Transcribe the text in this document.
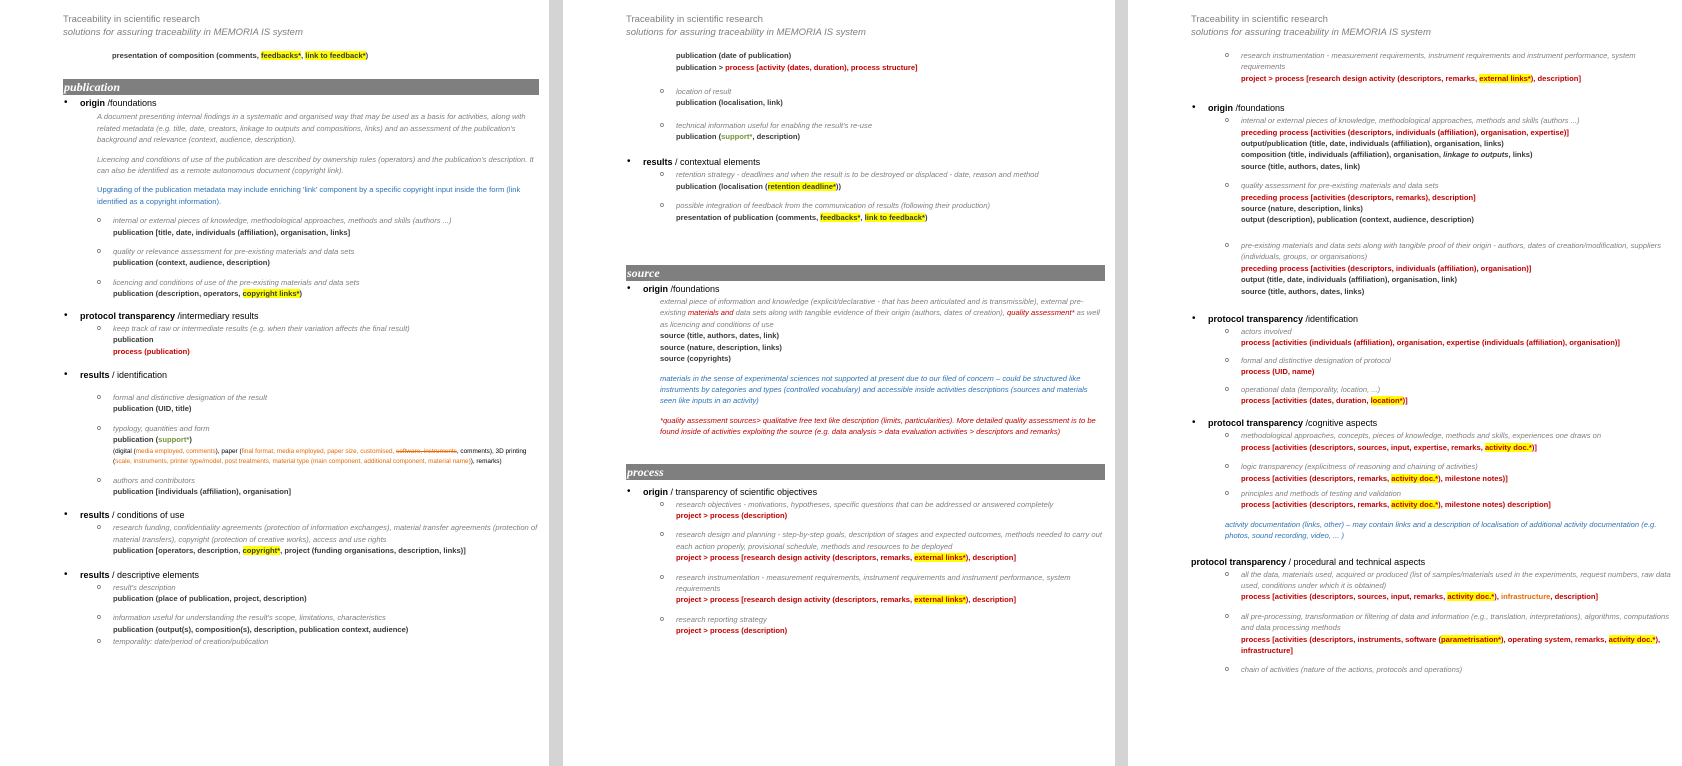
Traceability in scientific research
solutions for assuring traceability in MEMORIA IS system
presentation of composition (comments, feedbacks*, link to feedback*)
publication
• origin /foundations
A document presenting internal findings in a systematic and organised way that may be used as a basis for activities, along with related metadata (e.g. title, date, creators, linkage to outputs and compositions, links) and an assessment of the publication's background and relevance (context, audience, description).
Licencing and conditions of use of the publication are described by ownership rules (operators) and the publication's description. It can also be identified as a remote autonomous document (copyright link).
Upgrading of the publication metadata may include enriching 'link' component by a specific copyright input inside the form (link identified as a copyright information).
o internal or external pieces of knowledge, methodological approaches, methods and skills (authors ...)
publication [title, date, individuals (affiliation), organisation, links]
o quality or relevance assessment for pre-existing materials and data sets
publication (context, audience, description)
o licencing and conditions of use of the pre-existing materials and data sets
publication (description, operators, copyright links*)
• protocol transparency /intermediary results
o keep track of raw or intermediate results (e.g. when their variation affects the final result)
publication
process (publication)
• results / identification
o formal and distinctive designation of the result
publication (UID, title)
o typology, quantities and form
publication (support*)
(digital (media employed, comments), paper (final format, media employed, paper size, customised, software, instruments, comments), 3D printing (scale, instruments, printer type/model, post treatments, material type (main component, additional component, material name)), remarks)
o authors and contributors
publication [individuals (affiliation), organisation]
• results / conditions of use
o research funding, confidentiality agreements (protection of information exchanges), material transfer agreements (protection of material transfers), copyright (protection of creative works), access and use rights
publication [operators, description, copyright*, project (funding organisations, description, links)]
• results / descriptive elements
o result's description
publication (place of publication, project, description)
o information useful for understanding the result's scope, limitations, characteristics
publication (output(s), composition(s), description, publication context, audience)
o temporality: date/period of creation/publication
Traceability in scientific research
solutions for assuring traceability in MEMORIA IS system
publication (date of publication)
publication > process [activity (dates, duration), process structure]
o location of result
publication (localisation, link)
o technical information useful for enabling the result's re-use
publication (support*, description)
• results / contextual elements
o retention strategy - deadlines and when the result is to be destroyed or displaced - date, reason and method
publication (localisation (retention deadline*))
o possible integration of feedback from the communication of results (following their production)
presentation of publication (comments, feedbacks*, link to feedback*)
source
• origin /foundations
external piece of information and knowledge (explicit/declarative - that has been articulated and is transmissible), external pre-existing materials and data sets along with tangible evidence of their origin (authors, dates of creation), quality assessment* as well as licencing and conditions of use
source (title, authors, dates, link)
source (nature, description, links)
source (copyrights)
materials in the sense of experimental sciences not supported at present due to our filed of concern – could be structured like instruments by categories and types (controlled vocabulary) and accessible inside activities descriptions (sources and materials seen like inputs in an activity)
*quality assessment sources> qualitative free text like description (limits, particularities). More detailed quality assessment is to be found inside of activities exploiting the source (e.g. data analysis > data evaluation activities > descriptors and remarks)
process
• origin / transparency of scientific objectives
o research objectives - motivations, hypotheses, specific questions that can be addressed or answered completely
project > process (description)
o research design and planning - step-by-step goals, description of stages and expected outcomes, methods needed to carry out each action properly, provisional schedule, methods and resources to be deployed
project > process [research design activity (descriptors, remarks, external links*), description]
o research instrumentation - measurement requirements, instrument requirements and instrument performance, system requirements
project > process [research design activity (descriptors, remarks, external links*), description]
o research reporting strategy
project > process (description)
Traceability in scientific research
solutions for assuring traceability in MEMORIA IS system
o research instrumentation - measurement requirements, instrument requirements and instrument performance, system requirements
project > process [research design activity (descriptors, remarks, external links*), description]
• origin /foundations
o internal or external pieces of knowledge, methodological approaches, methods and skills (authors ...)
preceding process [activities (descriptors, individuals (affiliation), organisation, expertise)]
output/publication (title, date, individuals (affiliation), organisation, links)
composition (title, individuals (affiliation), organisation, linkage to outputs, links)
source (title, authors, dates, link)
o quality assessment for pre-existing materials and data sets
preceding process [activities (descriptors, remarks), description]
source (nature, description, links)
output (description), publication (context, audience, description)
o pre-existing materials and data sets along with tangible proof of their origin - authors, dates of creation/modification, suppliers (individuals, groups, or organisations)
preceding process [activities (descriptors, individuals (affiliation), organisation)]
output (title, date, individuals (affiliation), organisation, link)
source (title, authors, dates, links)
• protocol transparency /identification
o actors involved
process [activities (individuals (affiliation), organisation, expertise (individuals (affiliation), organisation)]
o formal and distinctive designation of protocol
process (UID, name)
o operational data (temporality, location, ...)
process [activities (dates, duration, location*)]
• protocol transparency /cognitive aspects
o methodological approaches, concepts, pieces of knowledge, methods and skills, experiences one draws on
process [activities (descriptors, sources, input, expertise, remarks, activity doc.*)]
o logic transparency (explicitness of reasoning and chaining of activities)
process [activities (descriptors, remarks, activity doc.*), milestone notes)]
o principles and methods of testing and validation
process [activities (descriptors, remarks, activity doc.*), milestone notes) description]
activity documentation (links, other) – may contain links and a description of localisation of additional activity documentation (e.g. photos, sound recording, video, ... )
protocol transparency / procedural and technical aspects
o all the data, materials used, acquired or produced (list of samples/materials used in the experiments, request numbers, raw data used, conditions under which it is obtained)
process [activities (descriptors, sources, input, remarks, activity doc.*), infrastructure, description]
o all pre-processing, transformation or filtering of data and information (e.g., translation, interpretations), algorithms, computations and data processing methods
process [activities (descriptors, instruments, software (parametrisation*), operating system, remarks, activity doc.*), infrastructure]
o chain of activities (nature of the actions, protocols and operations)
